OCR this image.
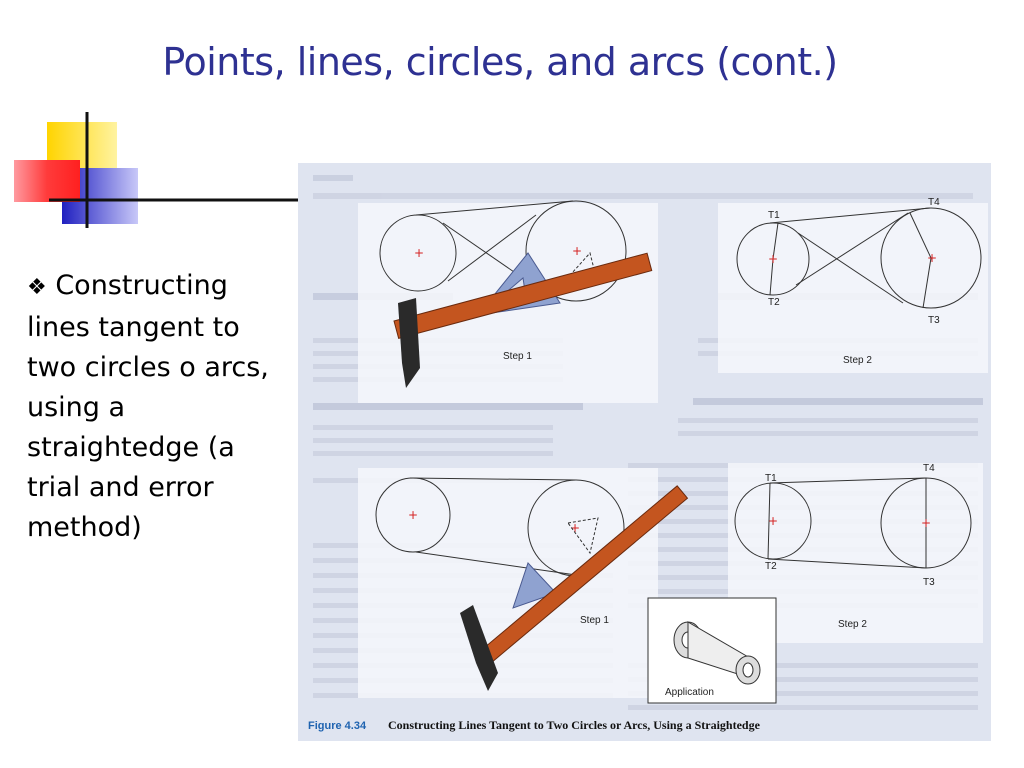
Points, lines, circles, and arcs (cont.)
❖ Constructing lines tangent to two circles o arcs, using a straightedge (a trial and error method)
+	+
Step 1
+	+
T1
T2
T3
T4
Step 2
+
+
Step 1
+	+
T1
T2
T3
T4
Step 2
Application
Figure 4.34 Constructing Lines Tangent to Two Circles or Arcs, Using a Straightedge
